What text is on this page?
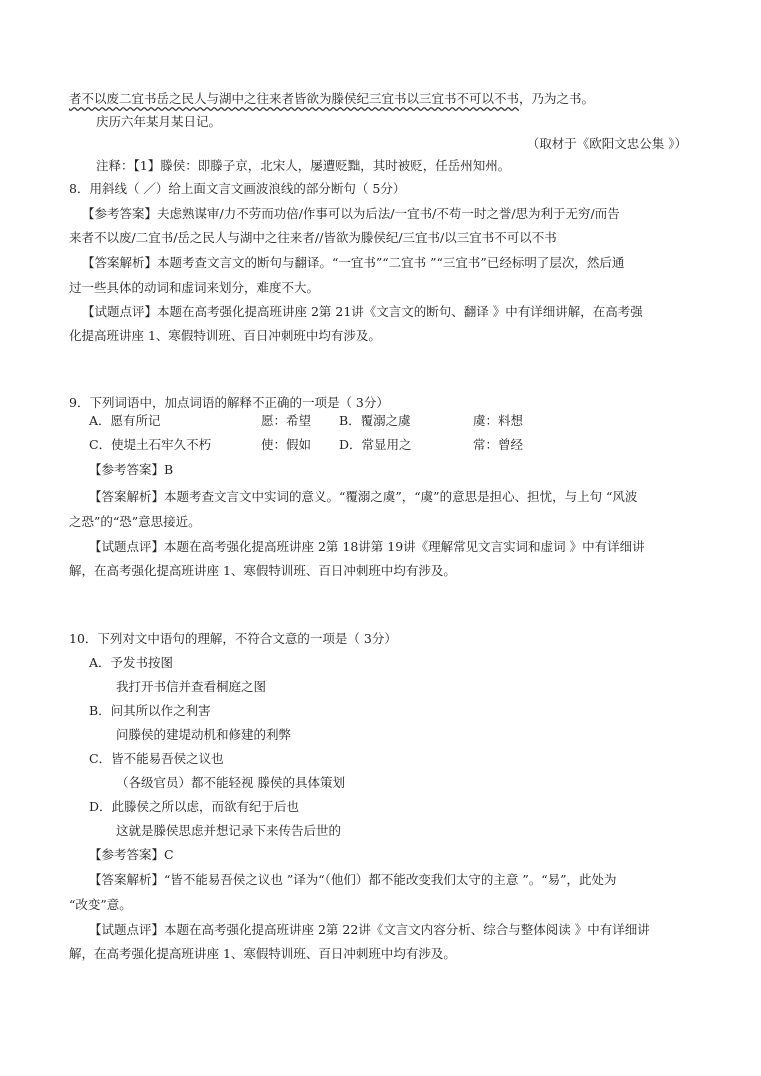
者不以废二宜书岳之民人与湖中之往来者皆欲为滕侯纪三宜书以三宜书不可以不书，乃为之书。
庆历六年某月某日记。
（取材于《欧阳文忠公集 》）
注释：【1】滕侯：即滕子京，北宋人，屡遭贬黜，其时被贬，任岳州知州。
8．用斜线（ ／）给上面文言文画波浪线的部分断句（ 5分）
【参考答案】夫虑熟谋审/力不劳而功倍/作事可以为后法/一宜书/不苟一时之誉/思为利于无穷/而告
来者不以废/二宜书/岳之民人与湖中之往来者//皆欲为滕侯纪/三宜书/以三宜书不可以不书
【答案解析】本题考查文言文的断句与翻译。“一宜书”“二宜书 ”“三宜书”已经标明了层次，然后通
过一些具体的动词和虚词来划分，难度不大。
【试题点评】本题在高考强化提高班讲座 2第 21讲《文言文的断句、翻译 》中有详细讲解，在高考强
化提高班讲座 1、寒假特训班、百日冲刺班中均有涉及。
9．下列词语中，加点词语的解释不正确的一项是（ 3分）
A．愿有所记	愿：希望 B．覆溺之虞	虞：料想
C．使堤土石牢久不朽	使：假如 D．常显用之	常：曾经
【参考答案】B
【答案解析】本题考查文言文中实词的意义。“覆溺之虞”，“虞”的意思是担心、担忧，与上句 “风波
之恐”的“恐”意思接近。
【试题点评】本题在高考强化提高班讲座 2第 18讲第 19讲《理解常见文言实词和虚词 》中有详细讲
解，在高考强化提高班讲座 1、寒假特训班、百日冲刺班中均有涉及。
10．下列对文中语句的理解，不符合文意的一项是（ 3分）
A．予发书按图
我打开书信并查看桐庭之图
B．问其所以作之利害
问滕侯的建堤动机和修建的利弊
C．皆不能易吾侯之议也
（各级官员）都不能轻视 滕侯的具体策划
D．此滕侯之所以虑，而欲有纪于后也
这就是滕侯思虑并想记录下来传告后世的
【参考答案】C
【答案解析】“皆不能易吾侯之议也 ”译为“（他们）都不能改变我们太守的主意 ”。“易”，此处为
“改变”意。
【试题点评】本题在高考强化提高班讲座 2第 22讲《文言文内容分析、综合与整体阅读 》中有详细讲
解，在高考强化提高班讲座 1、寒假特训班、百日冲刺班中均有涉及。
